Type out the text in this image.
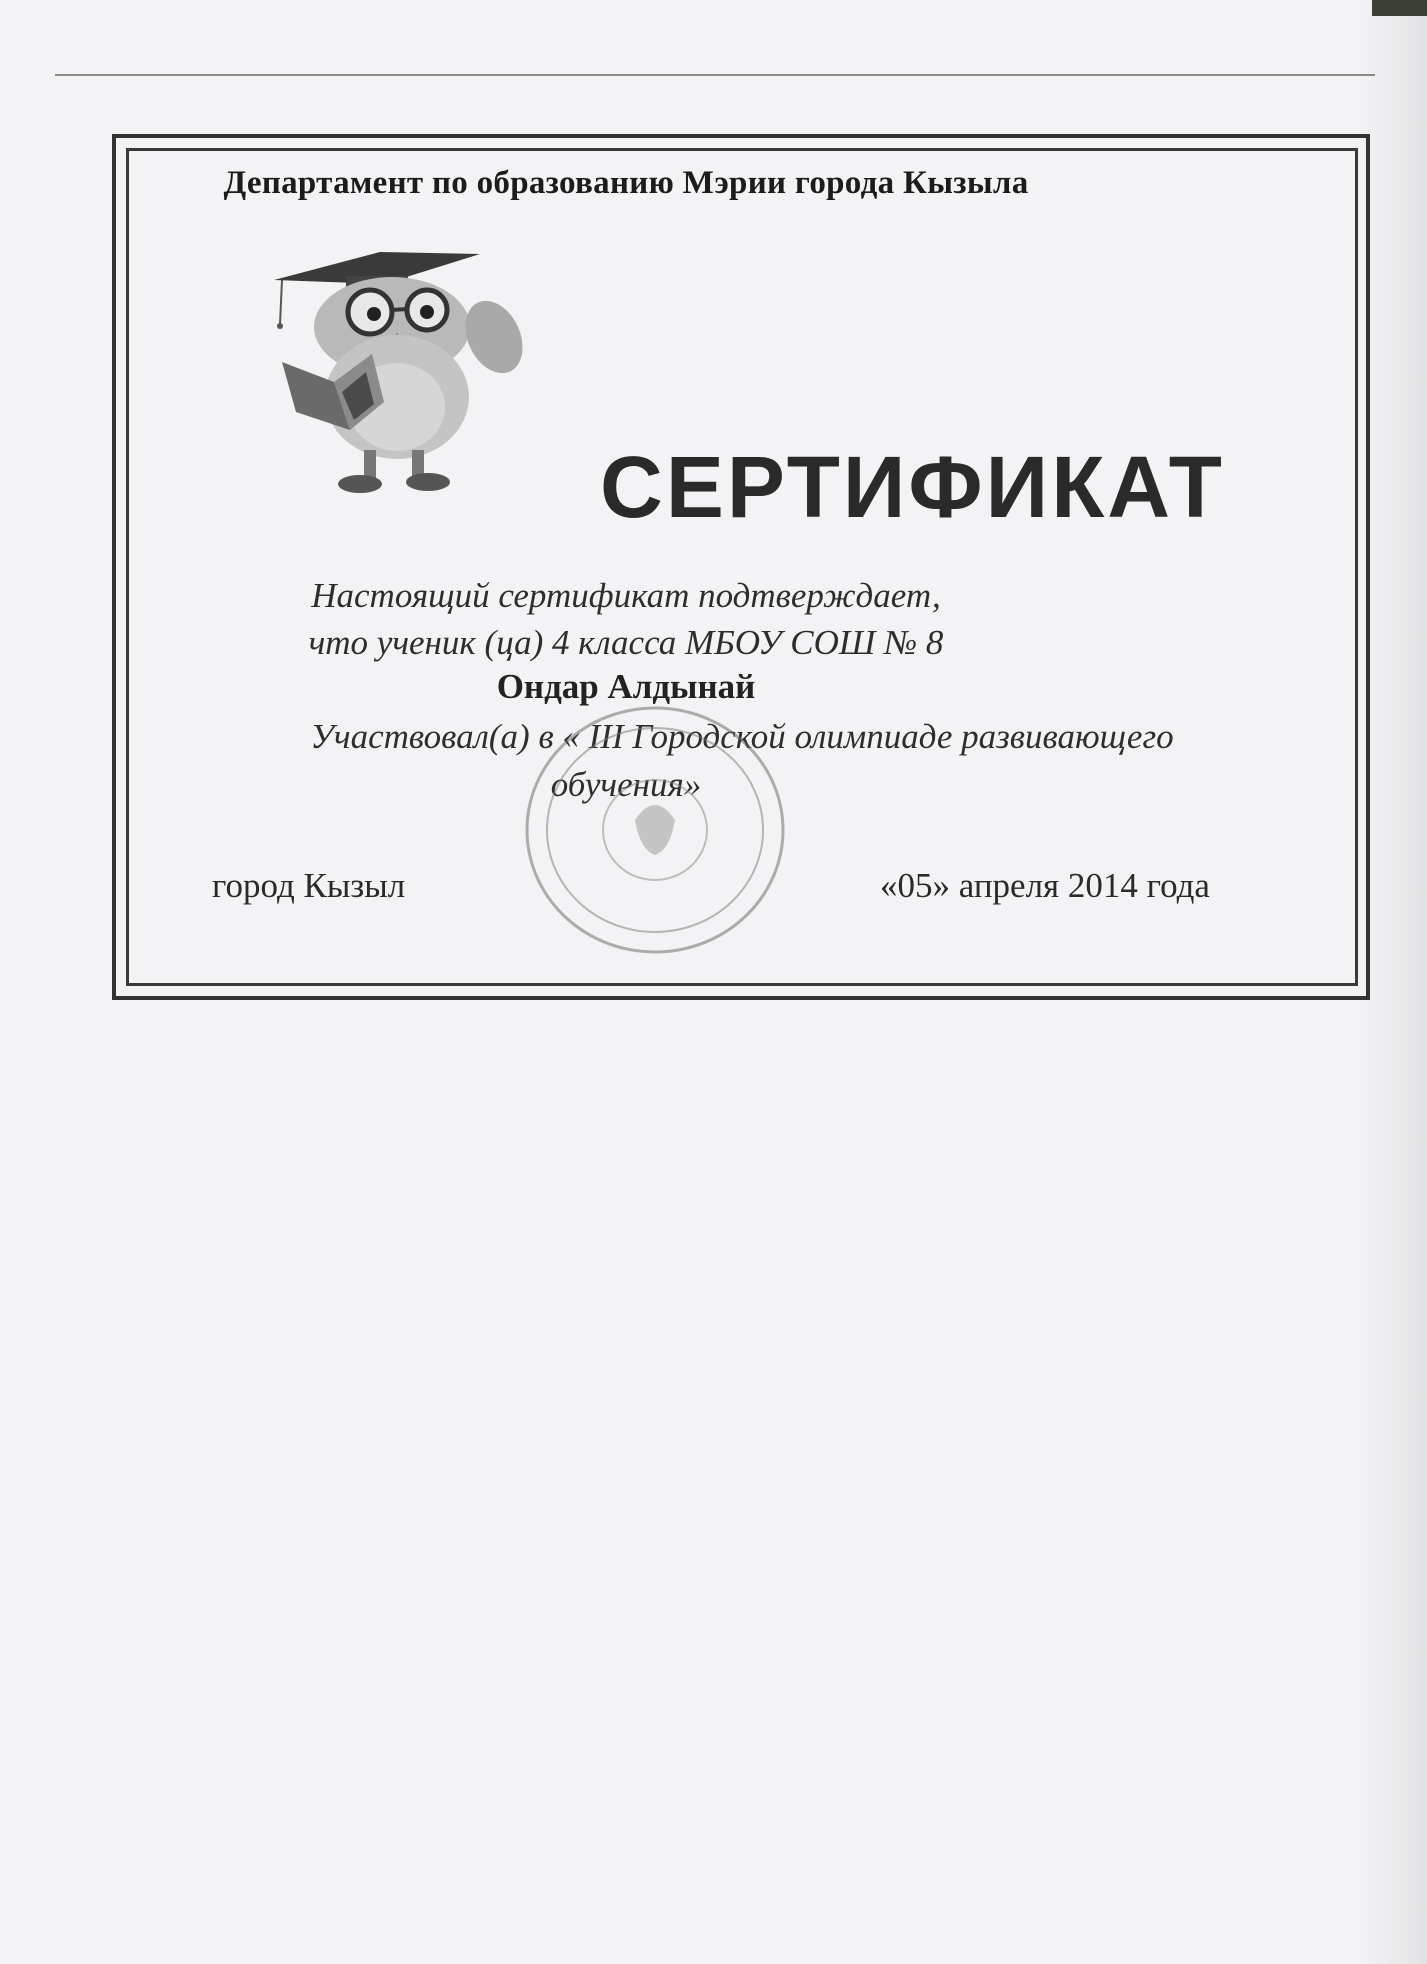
Департамент по образованию Мэрии города Кызыла
СЕРТИФИКАТ
Настоящий сертификат подтверждает,
что ученик (ца) 4 класса МБОУ СОШ № 8
Ондар Алдынай
Участвовал(а) в « III Городской олимпиаде развивающего
обучения»
город Кызыл	«05» апреля 2014 года
